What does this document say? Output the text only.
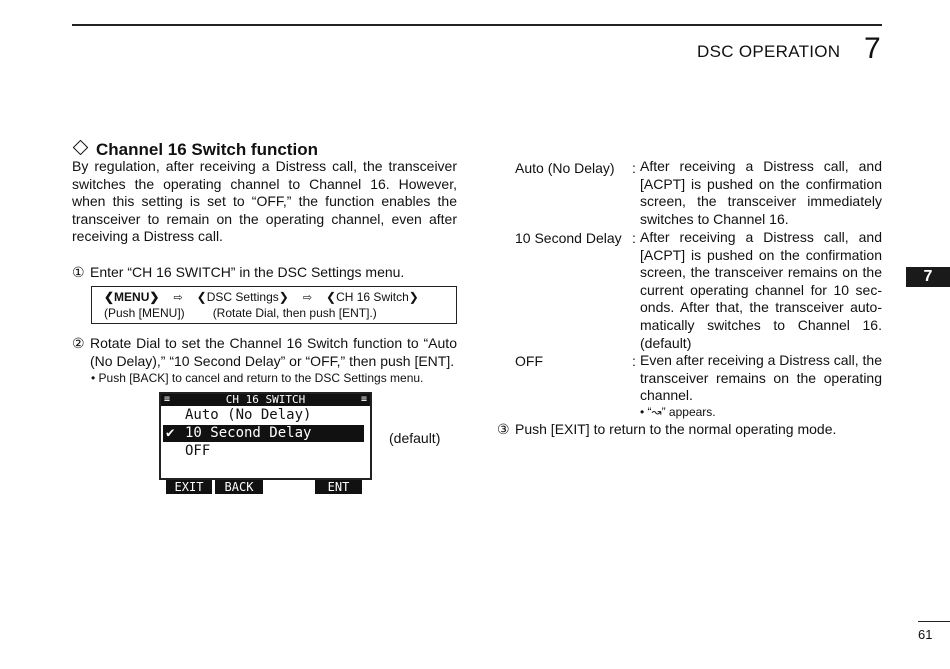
DSC OPERATION 7
7
Channel 16 Switch function
By regulation, after receiving a Distress call, the transceiver switches the operating channel to Channel 16. However, when this setting is set to “OFF,” the function enables the transceiver to remain on the operating channel, even after receiving a Distress call.
① Enter “CH 16 SWITCH” in the DSC Settings menu.
❮MENU❯ ⇨ ❮DSC Settings❯ ⇨ ❮CH 16 Switch❯
(Push [MENU]) (Rotate Dial, then push [ENT].)
② Rotate Dial to set the Channel 16 Switch function to “Auto
(No Delay),” “10 Second Delay” or “OFF,” then push [ENT].
• Push [BACK] to cancel and return to the DSC Settings menu.
≡	CH 16 SWITCH	≡
Auto (No Delay)
✔ 10 Second Delay
OFF
EXIT	BACK	ENT
(default)
Auto (No Delay) : After receiving a Distress call, and [ACPT] is pushed on the confirmation screen, the transceiver immediately switches to Channel 16.
10 Second Delay : After receiving a Distress call, and [ACPT] is pushed on the confirmation screen, the transceiver remains on the current operating channel for 10 seconds. After that, the transceiver automatically switches to Channel 16. (default)
OFF	: Even after receiving a Distress call, the transceiver remains on the operating channel.
• “↝” appears.
③ Push [EXIT] to return to the normal operating mode.
61
